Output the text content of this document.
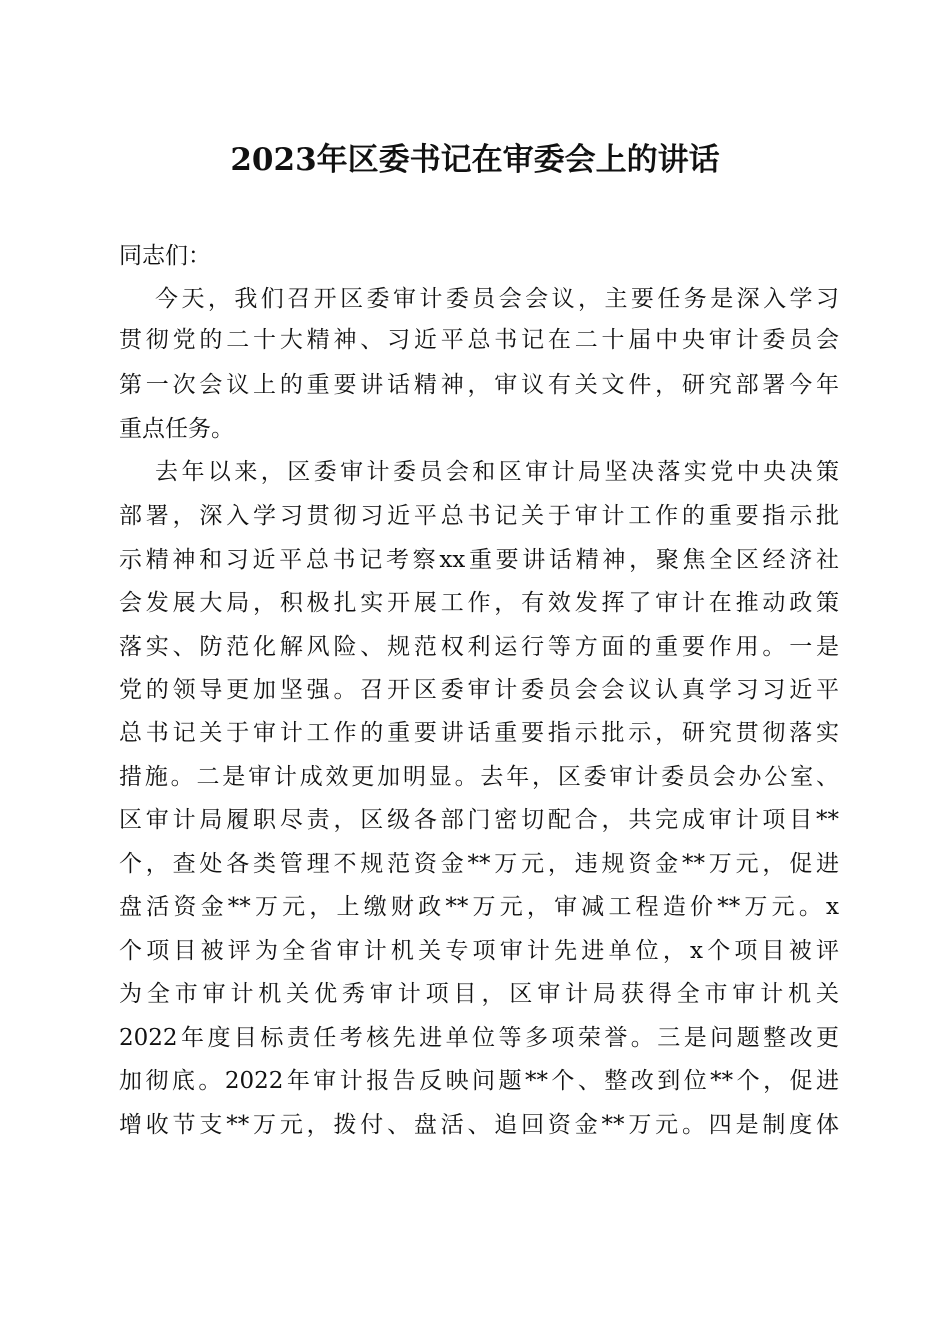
2023年区委书记在审委会上的讲话
同志们：
今天，我们召开区委审计委员会会议，主要任务是深入学习
贯彻党的二十大精神、习近平总书记在二十届中央审计委员会
第一次会议上的重要讲话精神，审议有关文件，研究部署今年
重点任务。
去年以来，区委审计委员会和区审计局坚决落实党中央决策
部署，深入学习贯彻习近平总书记关于审计工作的重要指示批
示精神和习近平总书记考察xx重要讲话精神，聚焦全区经济社
会发展大局，积极扎实开展工作，有效发挥了审计在推动政策
落实、防范化解风险、规范权利运行等方面的重要作用。一是
党的领导更加坚强。召开区委审计委员会会议认真学习习近平
总书记关于审计工作的重要讲话重要指示批示，研究贯彻落实
措施。二是审计成效更加明显。去年，区委审计委员会办公室、
区审计局履职尽责，区级各部门密切配合，共完成审计项目**
个，查处各类管理不规范资金**万元，违规资金**万元，促进
盘活资金**万元，上缴财政**万元，审减工程造价**万元。x
个项目被评为全省审计机关专项审计先进单位，x个项目被评
为全市审计机关优秀审计项目，区审计局获得全市审计机关
2022年度目标责任考核先进单位等多项荣誉。三是问题整改更
加彻底。2022年审计报告反映问题**个、整改到位**个，促进
增收节支**万元，拨付、盘活、追回资金**万元。四是制度体
